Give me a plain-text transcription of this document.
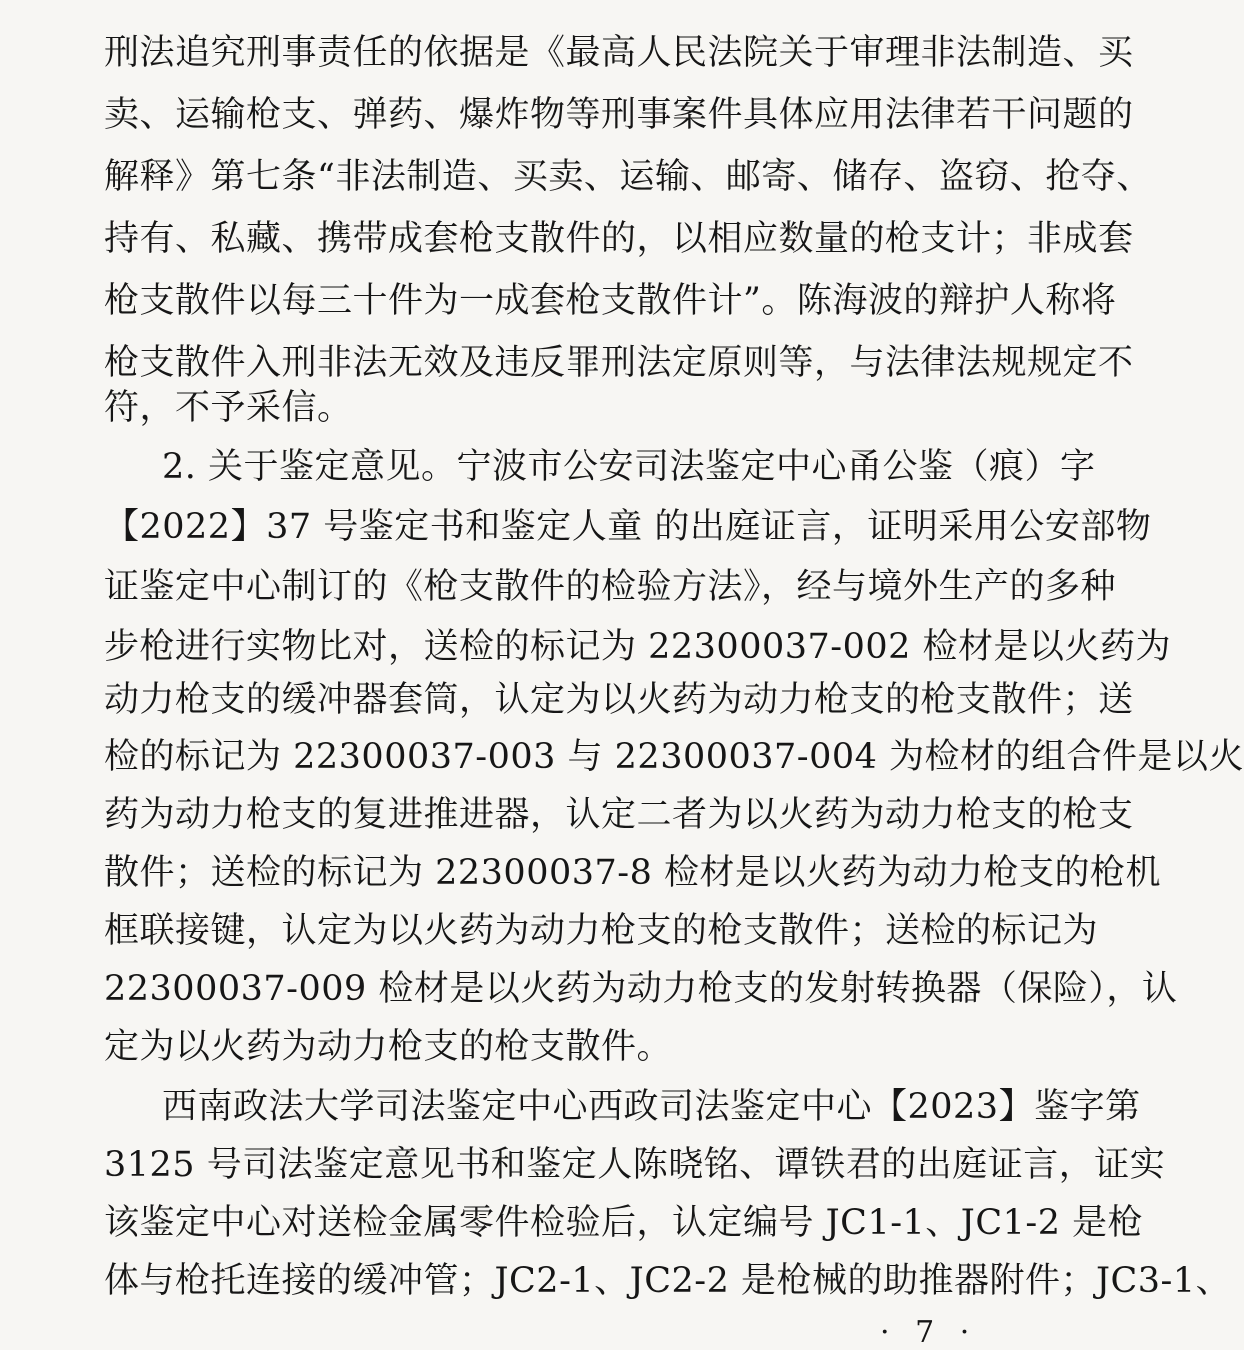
刑法追究刑事责任的依据是《最高人民法院关于审理非法制造、买
卖、运输枪支、弹药、爆炸物等刑事案件具体应用法律若干问题的
解释》第七条“非法制造、买卖、运输、邮寄、储存、盗窃、抢夺、
持有、私藏、携带成套枪支散件的，以相应数量的枪支计；非成套
枪支散件以每三十件为一成套枪支散件计”。陈海波的辩护人称将
枪支散件入刑非法无效及违反罪刑法定原则等，与法律法规规定不
符，不予采信。
2. 关于鉴定意见。宁波市公安司法鉴定中心甬公鉴（痕）字
【2022】37 号鉴定书和鉴定人童 的出庭证言，证明采用公安部物
证鉴定中心制订的《枪支散件的检验方法》，经与境外生产的多种
步枪进行实物比对，送检的标记为 22300037-002 检材是以火药为
动力枪支的缓冲器套筒，认定为以火药为动力枪支的枪支散件；送
检的标记为 22300037-003 与 22300037-004 为检材的组合件是以火
药为动力枪支的复进推进器，认定二者为以火药为动力枪支的枪支
散件；送检的标记为 22300037-8 检材是以火药为动力枪支的枪机
框联接键，认定为以火药为动力枪支的枪支散件；送检的标记为
22300037-009 检材是以火药为动力枪支的发射转换器（保险），认
定为以火药为动力枪支的枪支散件。
西南政法大学司法鉴定中心西政司法鉴定中心【2023】鉴字第
3125 号司法鉴定意见书和鉴定人陈晓铭、谭铁君的出庭证言，证实
该鉴定中心对送检金属零件检验后，认定编号 JC1-1、JC1-2 是枪
体与枪托连接的缓冲管；JC2-1、JC2-2 是枪械的助推器附件；JC3-1、
· 7 ·
